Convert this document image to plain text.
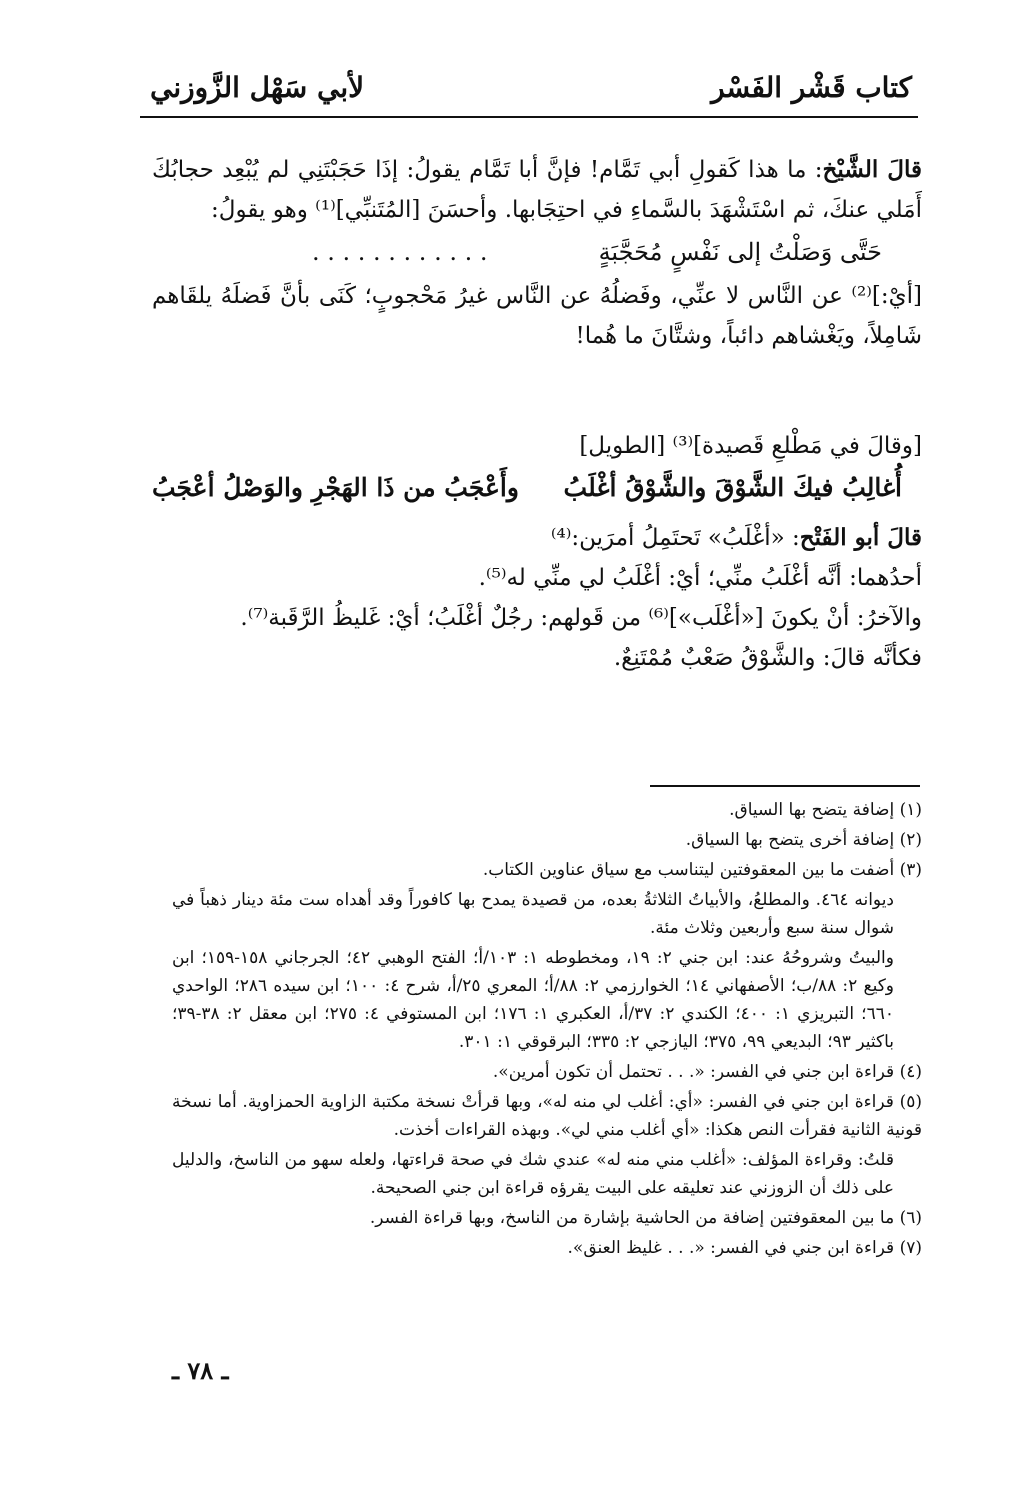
كتاب قَشْر الفَسْر
لأبي سَهْل الزَّوزني

قالَ الشَّيْخ: ما هذا كَقولِ أبي تَمَّام! فإنَّ أبا تَمَّام يقولُ: إذَا حَجَبْتَنِي لم يُبْعِد حجابُكَ أَمَلي عنكَ، ثم اسْتَشْهَدَ بالسَّماءِ في احتِجَابها. وأحسَنَ [المُتَنبِّي]⁽¹⁾ وهو يقولُ:

حَتَّى وَصَلْتُ إلى نَفْسٍ مُحَجَّبَةٍ
. . . . . . . . . . . .

[أيْ:]⁽²⁾ عن النَّاس لا عنِّي، وفَضلُهُ عن النَّاس غيرُ مَحْجوبٍ؛ كَنَى بأنَّ فَضلَهُ يلقَاهم شَامِلاً، ويَغْشاهم دائباً، وشتَّانَ ما هُما!

[وقالَ في مَطْلعِ قَصيدة]⁽³⁾ [الطويل]

أُغالِبُ فيكَ الشَّوْقَ والشَّوْقُ أغْلَبُ
وأَعْجَبُ من ذَا الهَجْرِ والوَصْلُ أعْجَبُ

قالَ أبو الفَتْح: «أغْلَبُ» تَحتَمِلُ أمرَين:⁽⁴⁾

أحدُهما: أنَّه أغْلَبُ منِّي؛ أيْ: أغْلَبُ لي منِّي له⁽⁵⁾.

والآخرُ: أنْ يكونَ [«أغْلَب»]⁽⁶⁾ من قَولهم: رجُلٌ أغْلَبُ؛ أيْ: غَليظُ الرَّقَبة⁽⁷⁾.

فكأنَّه قالَ: والشَّوْقُ صَعْبٌ مُمْتَنِعٌ.

(١) إضافة يتضح بها السياق.

(٢) إضافة أخرى يتضح بها السياق.

(٣) أضفت ما بين المعقوفتين ليتناسب مع سياق عناوين الكتاب.

ديوانه ٤٦٤. والمطلعُ، والأبياتُ الثلاثةُ بعده، من قصيدة يمدح بها كافوراً وقد أهداه ست مئة دينار ذهباً في شوال سنة سبع وأربعين وثلاث مئة.

والبيتُ وشروحُهُ عند: ابن جني ٢: ١٩، ومخطوطه ١: ١٠٣/أ؛ الفتح الوهبي ٤٢؛ الجرجاني ١٥٨-١٥٩؛ ابن وكيع ٢: ٨٨/ب؛ الأصفهاني ١٤؛ الخوارزمي ٢: ٨٨/أ؛ المعري ٢٥/أ، شرح ٤: ١٠٠؛ ابن سيده ٢٨٦؛ الواحدي ٦٦٠؛ التبريزي ١: ٤٠٠؛ الكندي ٢: ٣٧/أ، العكبري ١: ١٧٦؛ ابن المستوفي ٤: ٢٧٥؛ ابن معقل ٢: ٣٨-٣٩؛ باكثير ٩٣؛ البديعي ٩٩، ٣٧٥؛ اليازجي ٢: ٣٣٥؛ البرقوقي ١: ٣٠١.

(٤) قراءة ابن جني في الفسر: «. . . تحتمل أن تكون أمرين».

(٥) قراءة ابن جني في الفسر: «أي: أغلب لي منه له»، وبها قرأتْ نسخة مكتبة الزاوية الحمزاوية. أما نسخة قونية الثانية فقرأت النص هكذا: «أي أغلب مني لي». وبهذه القراءات أخذت.

قلتُ: وقراءة المؤلف: «أغلب مني منه له» عندي شك في صحة قراءتها، ولعله سهو من الناسخ، والدليل على ذلك أن الزوزني عند تعليقه على البيت يقرؤه قراءة ابن جني الصحيحة.

(٦) ما بين المعقوفتين إضافة من الحاشية بإشارة من الناسخ، وبها قراءة الفسر.

(٧) قراءة ابن جني في الفسر: «. . . غليظ العنق».

ـ ٧٨ ـ
